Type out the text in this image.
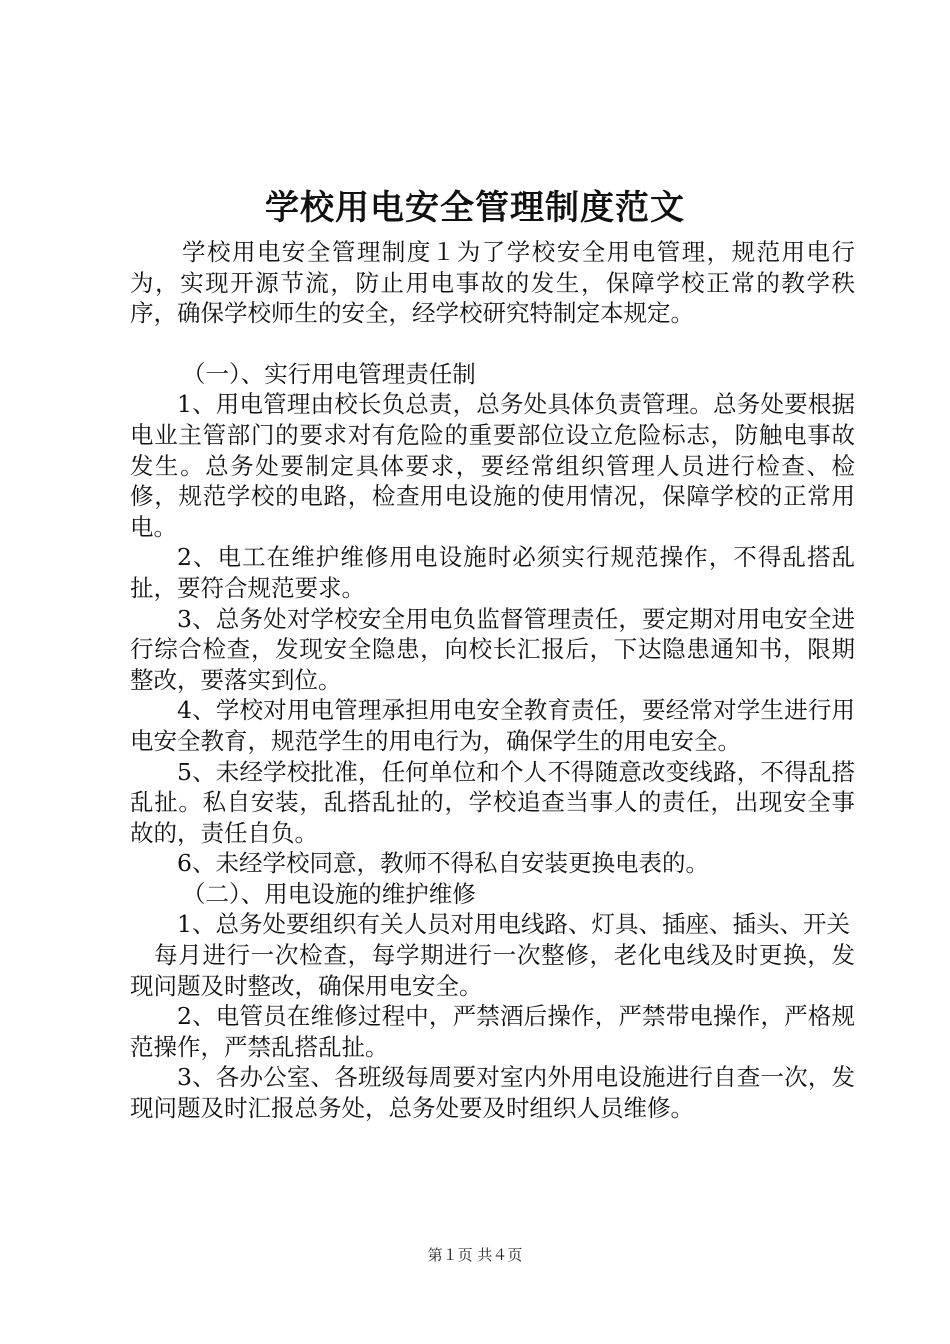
学校用电安全管理制度范文

学校用电安全管理制度１为了学校安全用电管理，规范用电行为，实现开源节流，防止用电事故的发生，保障学校正常的教学秩序，确保学校师生的安全，经学校研究特制定本规定。

（一）、实行用电管理责任制

1、用电管理由校长负总责，总务处具体负责管理。总务处要根据电业主管部门的要求对有危险的重要部位设立危险标志，防触电事故发生。总务处要制定具体要求，要经常组织管理人员进行检查、检修，规范学校的电路，检查用电设施的使用情况，保障学校的正常用电。

2、电工在维护维修用电设施时必须实行规范操作，不得乱搭乱扯，要符合规范要求。

3、总务处对学校安全用电负监督管理责任，要定期对用电安全进行综合检查，发现安全隐患，向校长汇报后，下达隐患通知书，限期整改，要落实到位。

4、学校对用电管理承担用电安全教育责任，要经常对学生进行用电安全教育，规范学生的用电行为，确保学生的用电安全。

5、未经学校批准，任何单位和个人不得随意改变线路，不得乱搭乱扯。私自安装，乱搭乱扯的，学校追查当事人的责任，出现安全事故的，责任自负。

6、未经学校同意，教师不得私自安装更换电表的。

（二）、用电设施的维护维修

1、总务处要组织有关人员对用电线路、灯具、插座、插头、开关

每月进行一次检查，每学期进行一次整修，老化电线及时更换，发现问题及时整改，确保用电安全。

2、电管员在维修过程中，严禁酒后操作，严禁带电操作，严格规范操作，严禁乱搭乱扯。

3、各办公室、各班级每周要对室内外用电设施进行自查一次，发现问题及时汇报总务处，总务处要及时组织人员维修。

第１页 共４页
